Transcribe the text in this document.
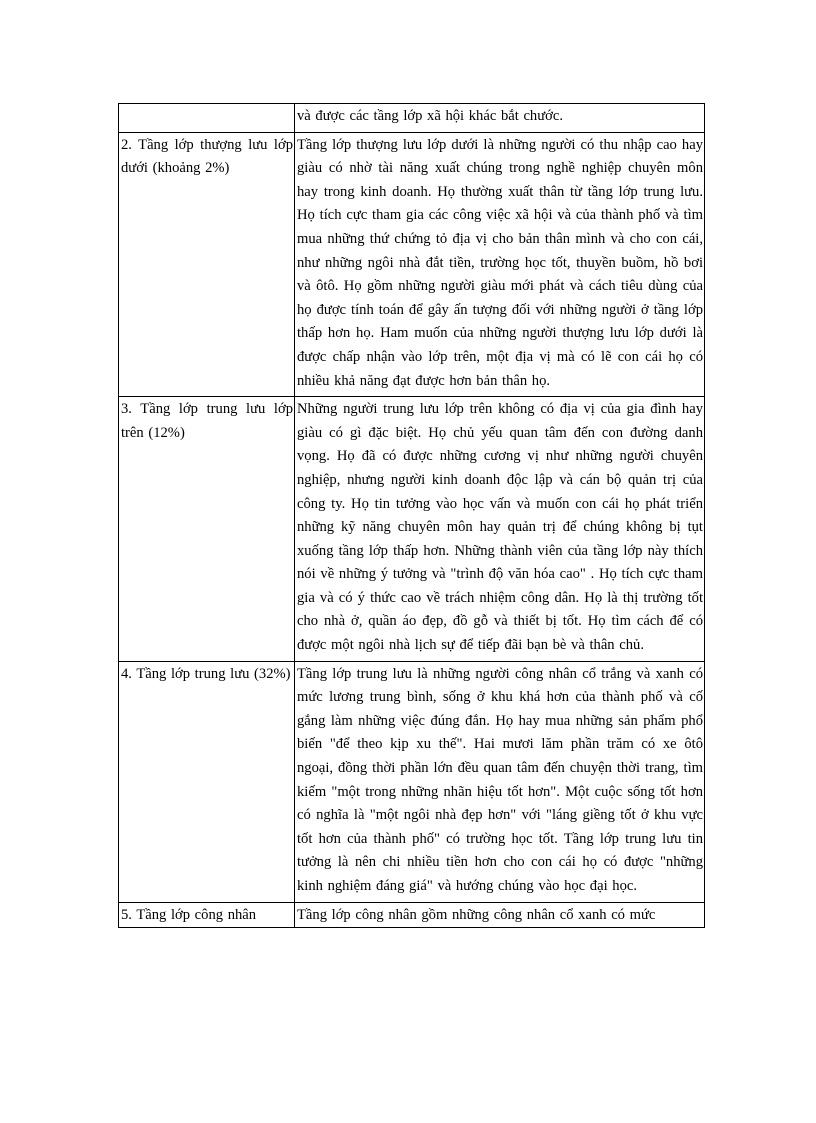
	và được các tầng lớp xã hội khác bắt chước.
2. Tầng lớp thượng lưu lớp dưới (khoảng 2%)	Tầng lớp thượng lưu lớp dưới là những người có thu nhập cao hay giàu có nhờ tài năng xuất chúng trong nghề nghiệp chuyên môn hay trong kinh doanh. Họ thường xuất thân từ tầng lớp trung lưu. Họ tích cực tham gia các công việc xã hội và của thành phố và tìm mua những thứ chứng tỏ địa vị cho bản thân mình và cho con cái, như những ngôi nhà đắt tiền, trường học tốt, thuyền buồm, hồ bơi và ôtô. Họ gồm những người giàu mới phát và cách tiêu dùng của họ được tính toán để gây ấn tượng đối với những người ở tầng lớp thấp hơn họ. Ham muốn của những người thượng lưu lớp dưới là được chấp nhận vào lớp trên, một địa vị mà có lẽ con cái họ có nhiều khả năng đạt được hơn bản thân họ.
3. Tầng lớp trung lưu lớp trên (12%)	Những người trung lưu lớp trên không có địa vị của gia đình hay giàu có gì đặc biệt. Họ chủ yếu quan tâm đến con đường danh vọng. Họ đã có được những cương vị như những người chuyên nghiệp, nhưng người kinh doanh độc lập và cán bộ quản trị của công ty. Họ tin tưởng vào học vấn và muốn con cái họ phát triển những kỹ năng chuyên môn hay quản trị để chúng không bị tụt xuống tầng lớp thấp hơn. Những thành viên của tầng lớp này thích nói về những ý tưởng và "trình độ văn hóa cao" . Họ tích cực tham gia và có ý thức cao về trách nhiệm công dân. Họ là thị trường tốt cho nhà ở, quần áo đẹp, đồ gỗ và thiết bị tốt. Họ tìm cách để có được một ngôi nhà lịch sự để tiếp đãi bạn bè và thân chủ.
4. Tầng lớp trung lưu (32%)	Tầng lớp trung lưu là những người công nhân cổ trắng và xanh có mức lương trung bình, sống ở khu khá hơn của thành phố và cố gắng làm những việc đúng đắn. Họ hay mua những sản phẩm phổ biến "để theo kịp xu thế". Hai mươi lăm phần trăm có xe ôtô ngoại, đồng thời phần lớn đều quan tâm đến chuyện thời trang, tìm kiếm "một trong những nhãn hiệu tốt hơn". Một cuộc sống tốt hơn có nghĩa là "một ngôi nhà đẹp hơn" với "láng giềng tốt ở khu vực tốt hơn của thành phố" có trường học tốt. Tầng lớp trung lưu tin tưởng là nên chi nhiều tiền hơn cho con cái họ có được "những kinh nghiệm đáng giá" và hướng chúng vào học đại học.

5. Tầng lớp công nhân	Tầng lớp công nhân gồm những công nhân cổ xanh có mức
